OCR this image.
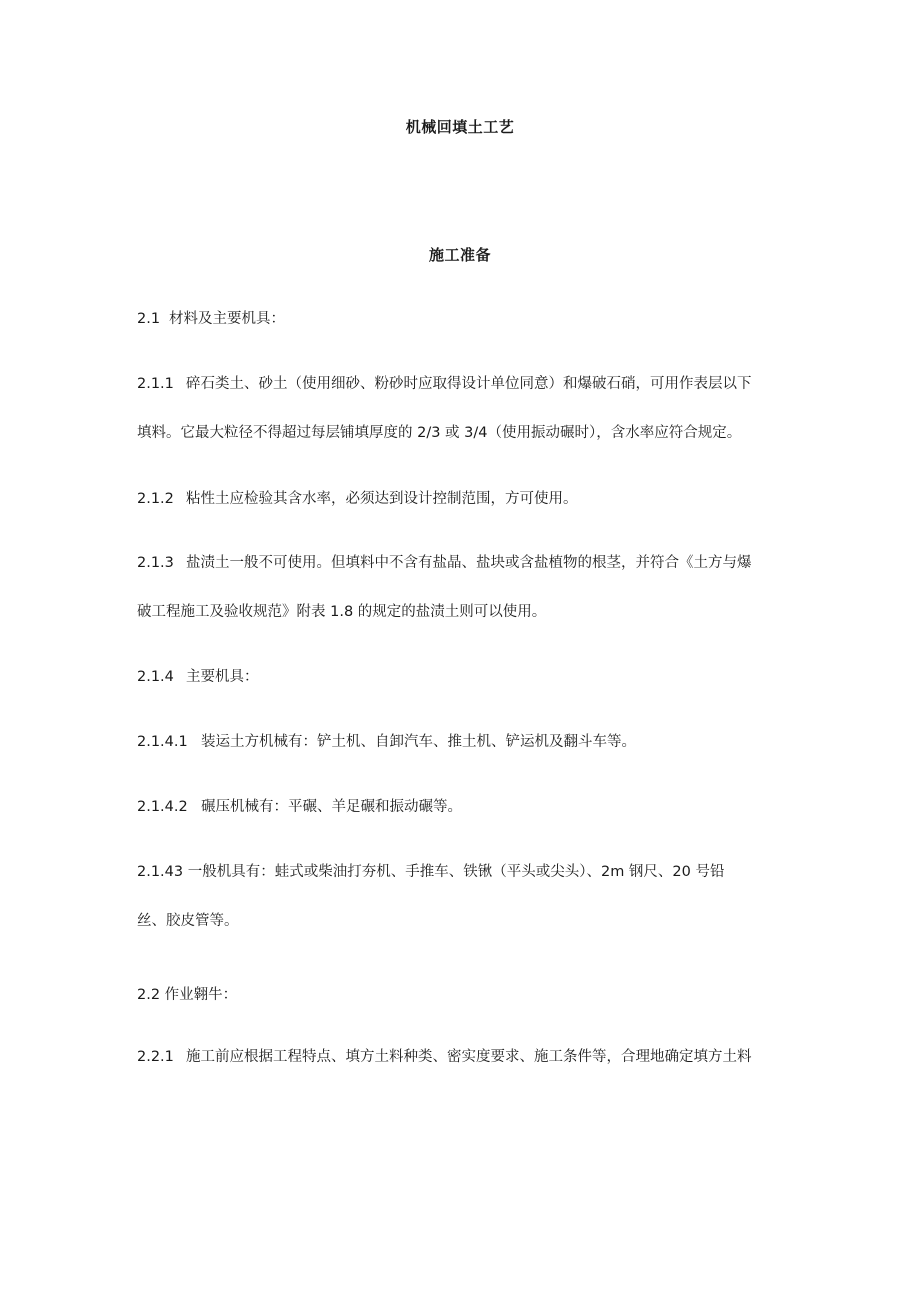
机械回填土工艺
施工准备
2.1 材料及主要机具：
2.1.1 碎石类土、砂土（使用细砂、粉砂时应取得设计单位同意）和爆破石硝，可用作表层以下
填料。它最大粒径不得超过每层铺填厚度的 2/3 或 3/4（使用振动碾时），含水率应符合规定。
2.1.2 粘性土应检验其含水率，必须达到设计控制范围，方可使用。
2.1.3 盐渍土一般不可使用。但填料中不含有盐晶、盐块或含盐植物的根茎，并符合《土方与爆
破工程施工及验收规范》附表 1.8 的规定的盐渍土则可以使用。
2.1.4 主要机具：
2.1.4.1 装运土方机械有：铲土机、自卸汽车、推土机、铲运机及翻斗车等。
2.1.4.2 碾压机械有：平碾、羊足碾和振动碾等。
2.1.43 一般机具有：蛙式或柴油打夯机、手推车、铁锹（平头或尖头）、2m 钢尺、20 号铅
丝、胶皮管等。
2.2 作业翱牛：
2.2.1 施工前应根据工程特点、填方土料种类、密实度要求、施工条件等，合理地确定填方土料
